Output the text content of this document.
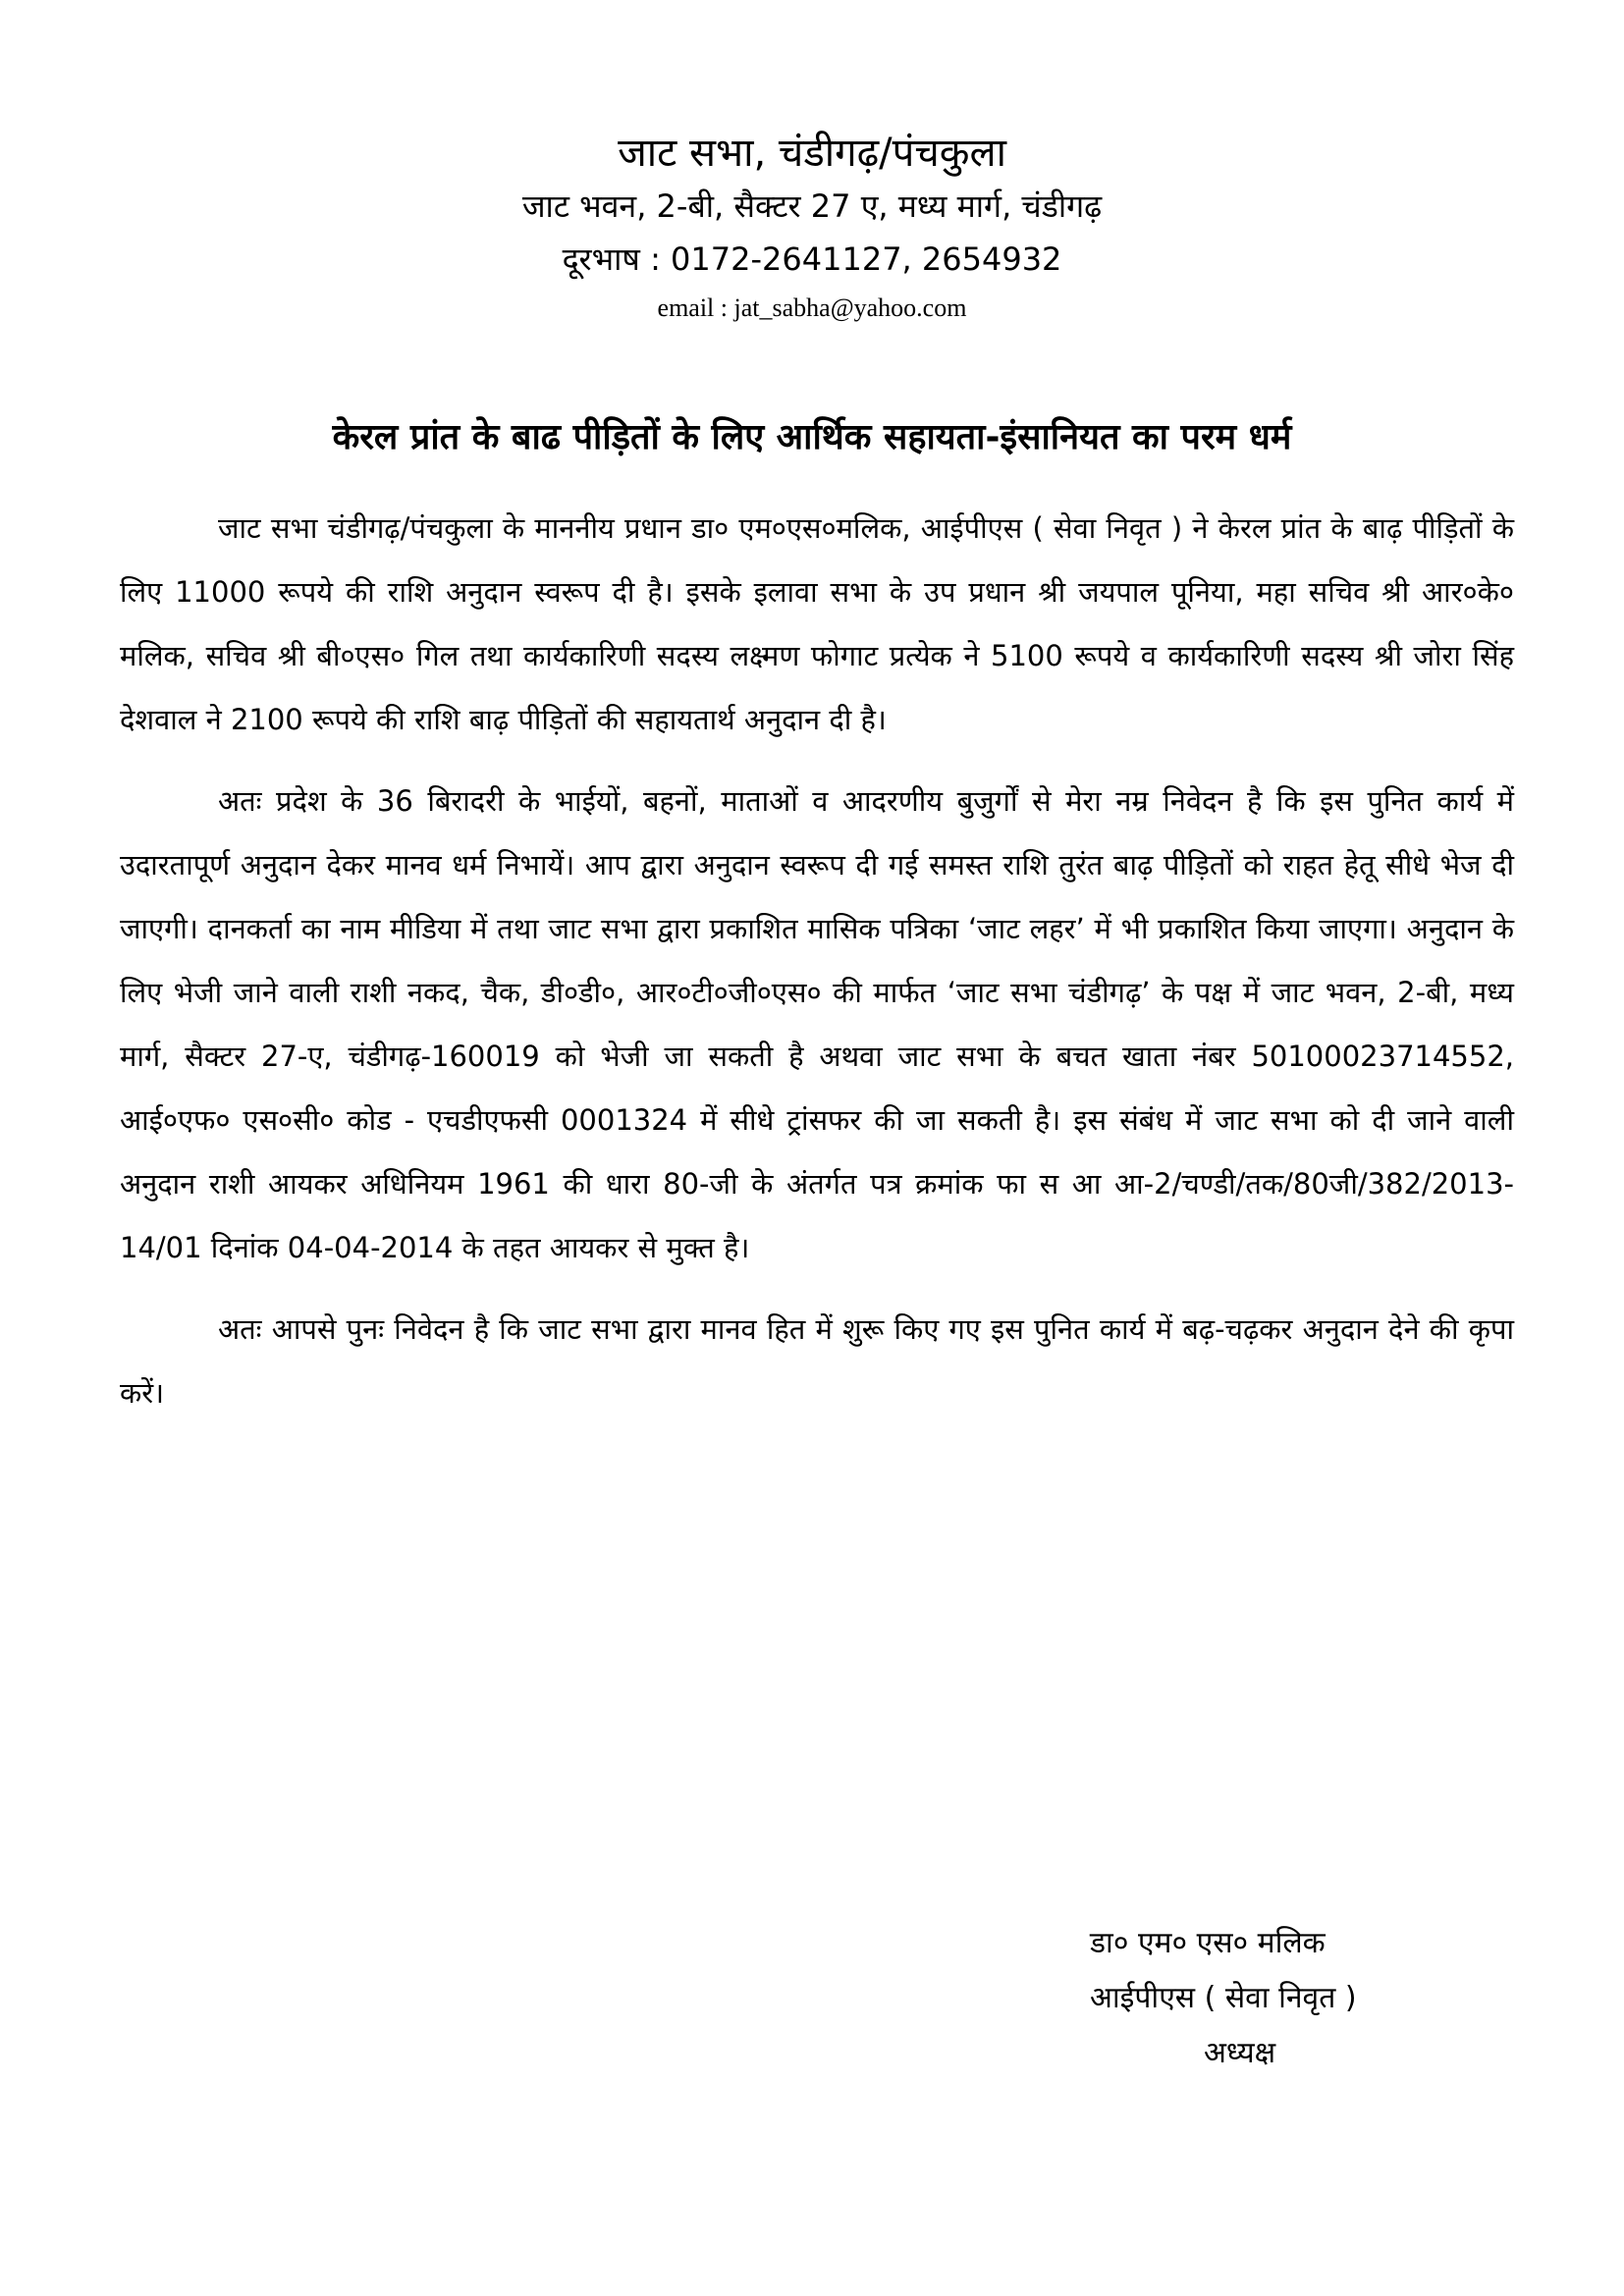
जाट सभा, चंडीगढ़/पंचकुला

जाट भवन, 2-बी, सैक्टर 27 ए, मध्य मार्ग, चंडीगढ़

दूरभाष : 0172-2641127, 2654932

email : jat_sabha@yahoo.com

केरल प्रांत के बाढ पीड़ितों के लिए आर्थिक सहायता-इंसानियत का परम धर्म

जाट सभा चंडीगढ़/पंचकुला के माननीय प्रधान डा० एम०एस०मलिक, आईपीएस ( सेवा निवृत ) ने केरल प्रांत के बाढ़ पीड़ितों के लिए 11000 रूपये की राशि अनुदान स्वरूप दी है। इसके इलावा सभा के उप प्रधान श्री जयपाल पूनिया, महा सचिव श्री आर०के० मलिक, सचिव श्री बी०एस० गिल तथा कार्यकारिणी सदस्य लक्ष्मण फोगाट प्रत्येक ने 5100 रूपये व कार्यकारिणी सदस्य श्री जोरा सिंह देशवाल ने 2100 रूपये की राशि बाढ़ पीड़ितों की सहायतार्थ अनुदान दी है।

अतः प्रदेश के 36 बिरादरी के भाईयों, बहनों, माताओं व आदरणीय बुजुर्गों से मेरा नम्र निवेदन है कि इस पुनित कार्य में उदारतापूर्ण अनुदान देकर मानव धर्म निभायें। आप द्वारा अनुदान स्वरूप दी गई समस्त राशि तुरंत बाढ़ पीड़ितों को राहत हेतू सीधे भेज दी जाएगी। दानकर्ता का नाम मीडिया में तथा जाट सभा द्वारा प्रकाशित मासिक पत्रिका ‘जाट लहर’ में भी प्रकाशित किया जाएगा। अनुदान के लिए भेजी जाने वाली राशी नकद, चैक, डी०डी०, आर०टी०जी०एस० की मार्फत ‘जाट सभा चंडीगढ़’ के पक्ष में जाट भवन, 2-बी, मध्य मार्ग, सैक्टर 27-ए, चंडीगढ़-160019 को भेजी जा सकती है अथवा जाट सभा के बचत खाता नंबर 50100023714552, आई०एफ० एस०सी० कोड - एचडीएफसी 0001324 में सीधे ट्रांसफर की जा सकती है। इस संबंध में जाट सभा को दी जाने वाली अनुदान राशी आयकर अधिनियम 1961 की धारा 80-जी के अंतर्गत पत्र क्रमांक फा स आ आ-2/चण्डी/तक/80जी/382/2013-14/01 दिनांक 04-04-2014 के तहत आयकर से मुक्त है।

अतः आपसे पुनः निवेदन है कि जाट सभा द्वारा मानव हित में शुरू किए गए इस पुनित कार्य में बढ़-चढ़कर अनुदान देने की कृपा करें।

डा० एम० एस० मलिक

आईपीएस ( सेवा निवृत )

अध्यक्ष
